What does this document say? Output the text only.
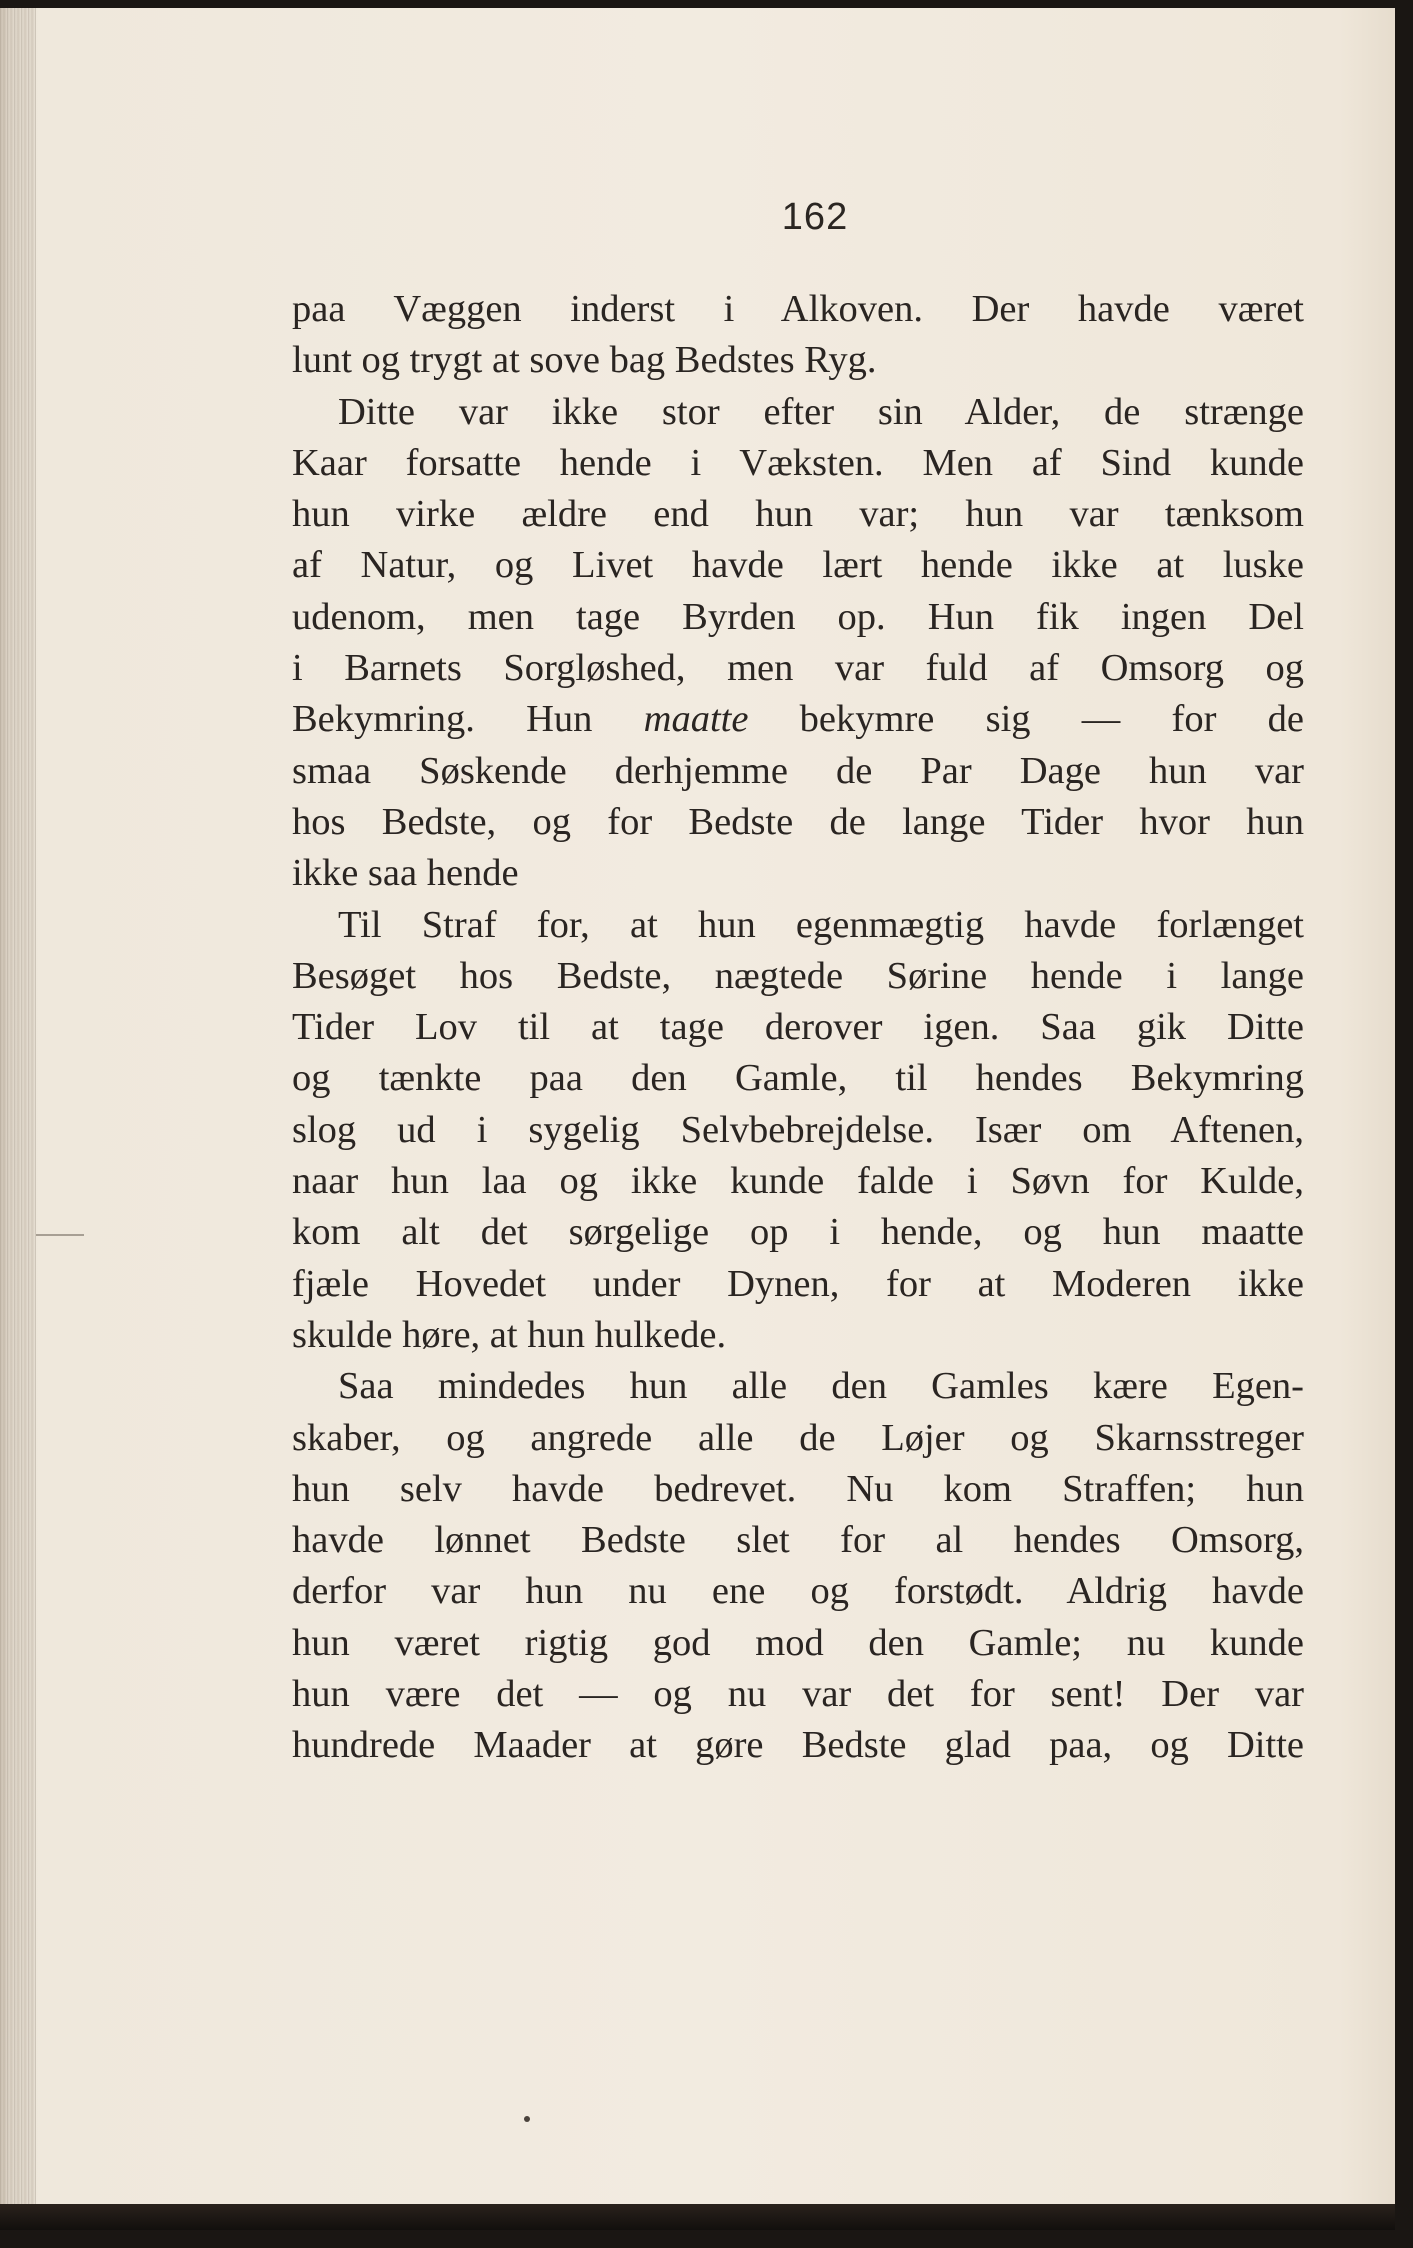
162
paa Væggen inderst i Alkoven. Der havde været
lunt og trygt at sove bag Bedstes Ryg.
Ditte var ikke stor efter sin Alder, de strænge
Kaar forsatte hende i Væksten. Men af Sind kunde
hun virke ældre end hun var; hun var tænksom
af Natur, og Livet havde lært hende ikke at luske
udenom, men tage Byrden op. Hun fik ingen Del
i Barnets Sorgløshed, men var fuld af Omsorg og
Bekymring. Hun maatte bekymre sig — for de
smaa Søskende derhjemme de Par Dage hun var
hos Bedste, og for Bedste de lange Tider hvor hun
ikke saa hende
Til Straf for, at hun egenmægtig havde forlænget
Besøget hos Bedste, nægtede Sørine hende i lange
Tider Lov til at tage derover igen. Saa gik Ditte
og tænkte paa den Gamle, til hendes Bekymring
slog ud i sygelig Selvbebrejdelse. Især om Aftenen,
naar hun laa og ikke kunde falde i Søvn for Kulde,
kom alt det sørgelige op i hende, og hun maatte
fjæle Hovedet under Dynen, for at Moderen ikke
skulde høre, at hun hulkede.
Saa mindedes hun alle den Gamles kære Egen-
skaber, og angrede alle de Løjer og Skarnsstreger
hun selv havde bedrevet. Nu kom Straffen; hun
havde lønnet Bedste slet for al hendes Omsorg,
derfor var hun nu ene og forstødt. Aldrig havde
hun været rigtig god mod den Gamle; nu kunde
hun være det — og nu var det for sent! Der var
hundrede Maader at gøre Bedste glad paa, og Ditte
